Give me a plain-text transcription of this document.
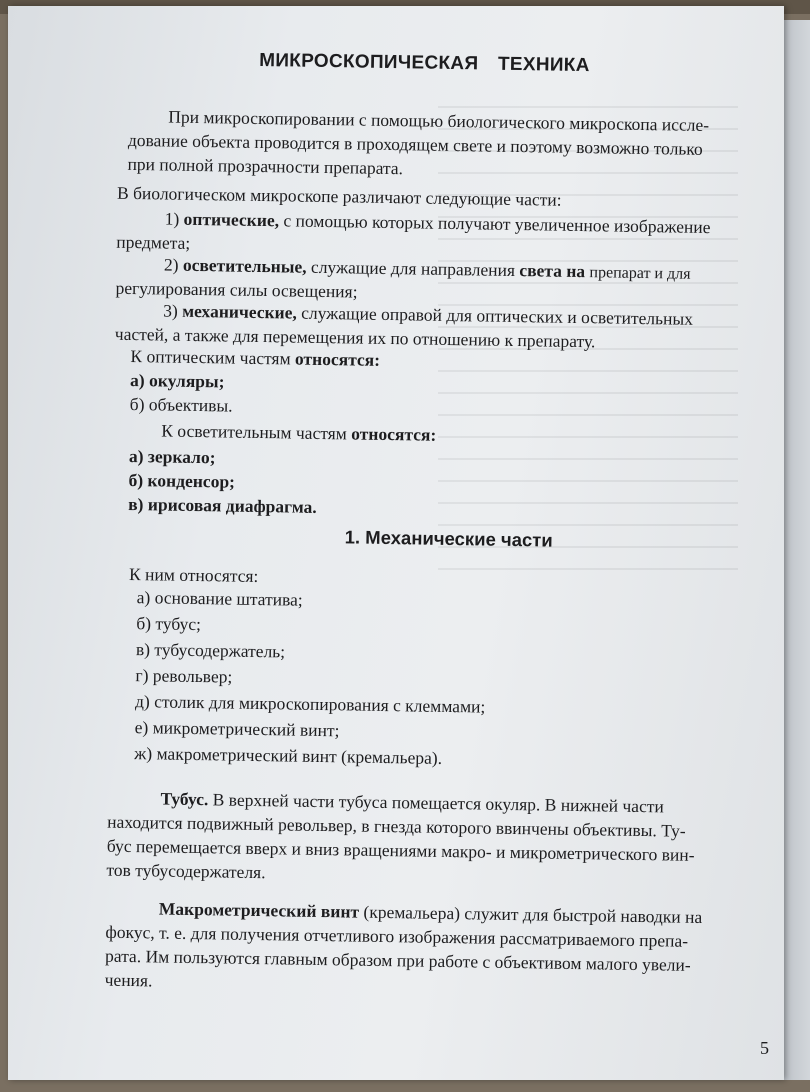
МИКРОСКОПИЧЕСКАЯ ТЕХНИКА
При микроскопировании с помощью биологического микроскопа иссле-
дование объекта проводится в проходящем свете и поэтому возможно только
при полной прозрачности препарата.
В биологическом микроскопе различают следующие части:
1) оптические, с помощью которых получают увеличенное изображение
предмета;
2) осветительные, служащие для направления света на препарат и для
регулирования силы освещения;
3) механические, служащие оправой для оптических и осветительных
частей, а также для перемещения их по отношению к препарату.
К оптическим частям относятся:
а) окуляры;
б) объективы.
К осветительным частям относятся:
а) зеркало;
б) конденсор;
в) ирисовая диафрагма.
1. Механические части
К ним относятся:
а) основание штатива;
б) тубус;
в) тубусодержатель;
г) револьвер;
д) столик для микроскопирования с клеммами;
е) микрометрический винт;
ж) макрометрический винт (кремальера).
Тубус. В верхней части тубуса помещается окуляр. В нижней части
находится подвижный револьвер, в гнезда которого ввинчены объективы. Ту-
бус перемещается вверх и вниз вращениями макро- и микрометрического вин-
тов тубусодержателя.
Макрометрический винт (кремальера) служит для быстрой наводки на
фокус, т. е. для получения отчетливого изображения рассматриваемого препа-
рата. Им пользуются главным образом при работе с объективом малого увели-
чения.
5
